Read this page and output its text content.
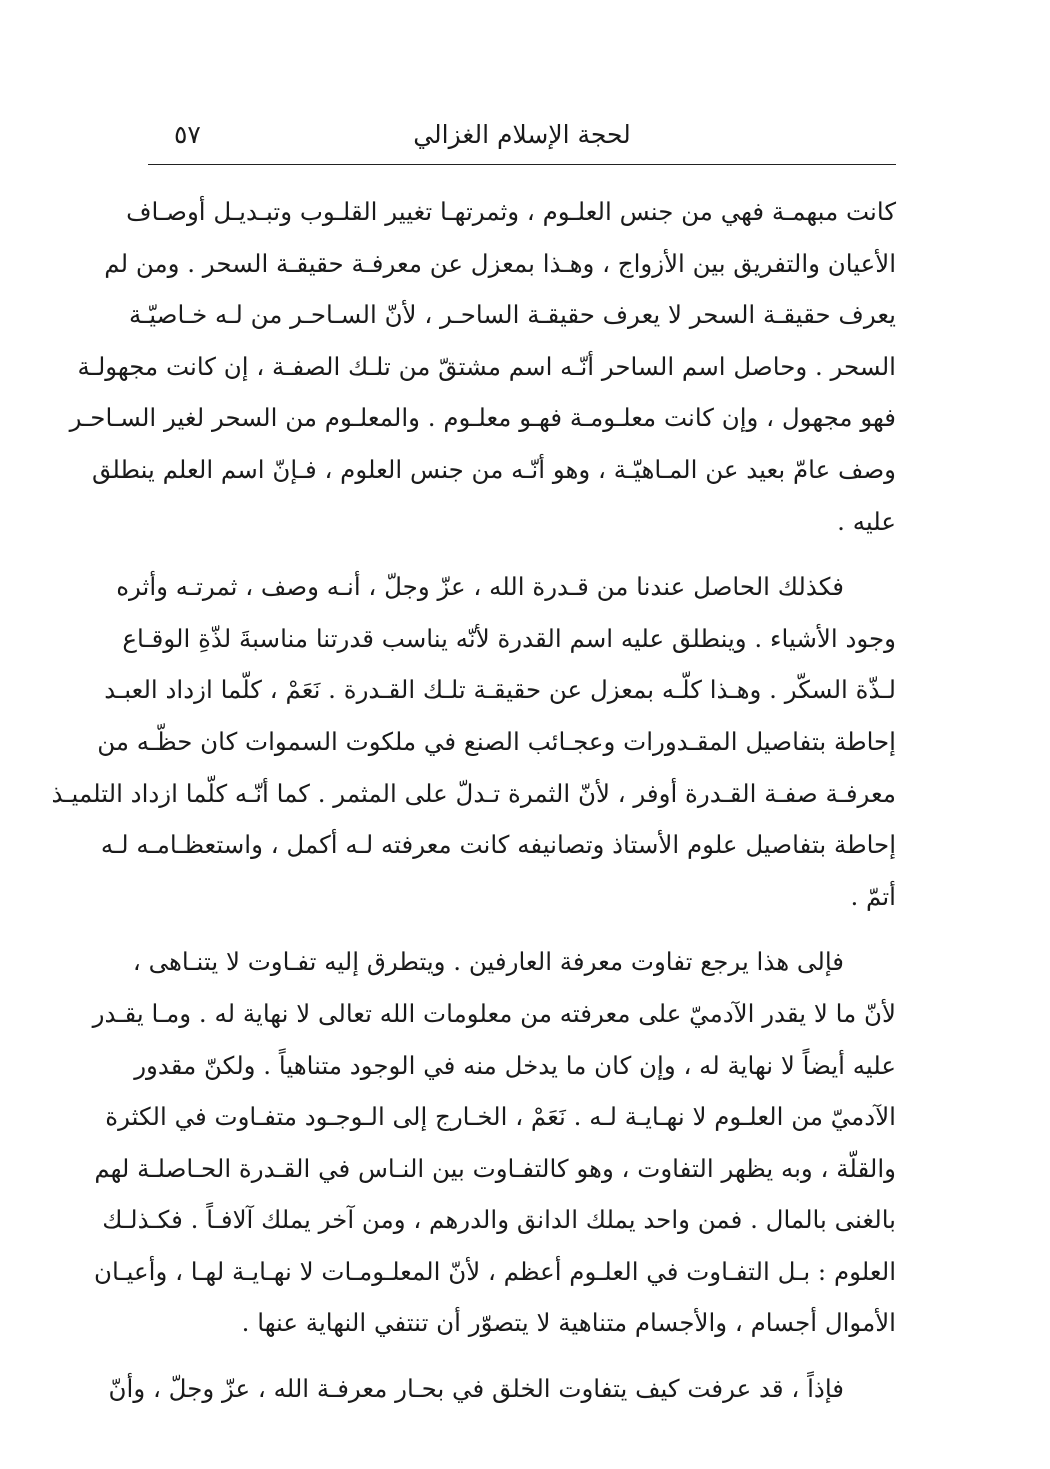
لحجة الإسلام الغزالي
٥٧
كانت مبهمـة فهي من جنس العلـوم ، وثمرتهـا تغيير القلـوب وتبـديـل أوصـاف
الأعيان والتفريق بين الأزواج ، وهـذا بمعزل عن معرفـة حقيقـة السحر . ومن لم
يعرف حقيقـة السحر لا يعرف حقيقـة الساحـر ، لأنّ السـاحـر من لـه خـاصيّـة
السحر . وحاصل اسم الساحر أنّـه اسم مشتقّ من تلـك الصفـة ، إن كانت مجهولـة
فهو مجهول ، وإن كانت معلـومـة فهـو معلـوم . والمعلـوم من السحر لغير السـاحـر
وصف عامّ بعيد عن المـاهيّـة ، وهو أنّـه من جنس العلوم ، فـإنّ اسم العلم ينطلق
عليه .
فكذلك الحاصل عندنا من قـدرة الله ، عزّ وجلّ ، أنـه وصف ، ثمرتـه وأثره
وجود الأشياء . وينطلق عليه اسم القدرة لأنّه يناسب قدرتنا مناسبةَ لذّةِ الوقـاع
لـذّة السكّر . وهـذا كلّـه بمعزل عن حقيقـة تلـك القـدرة . نَعَمْ ، كلّما ازداد العبـد
إحاطة بتفاصيل المقـدورات وعجـائب الصنع في ملكوت السموات كان حظّـه من
معرفـة صفـة القـدرة أوفر ، لأنّ الثمرة تـدلّ على المثمر . كما أنّـه كلّما ازداد التلميـذ
إحاطة بتفاصيل علوم الأستاذ وتصانيفه كانت معرفته لـه أكمل ، واستعظـامـه لـه
أتمّ .
فإلى هذا يرجع تفاوت معرفة العارفين . ويتطرق إليه تفـاوت لا يتنـاهى ،
لأنّ ما لا يقدر الآدميّ على معرفته من معلومات الله تعالى لا نهاية له . ومـا يقـدر
عليه أيضاً لا نهاية له ، وإن كان ما يدخل منه في الوجود متناهياً . ولكنّ مقدور
الآدميّ من العلـوم لا نهـايـة لـه . نَعَمْ ، الخـارج إلى الـوجـود متفـاوت في الكثرة
والقلّة ، وبه يظهر التفاوت ، وهو كالتفـاوت بين النـاس في القـدرة الحـاصلـة لهم
بالغنى بالمال . فمن واحد يملك الدانق والدرهم ، ومن آخر يملك آلافـاً . فكـذلـك
العلوم : بـل التفـاوت في العلـوم أعظم ، لأنّ المعلـومـات لا نهـايـة لهـا ، وأعيـان
الأموال أجسام ، والأجسام متناهية لا يتصوّر أن تنتفي النهاية عنها .
فإذاً ، قد عرفت كيف يتفاوت الخلق في بحـار معرفـة الله ، عزّ وجلّ ، وأنّ
